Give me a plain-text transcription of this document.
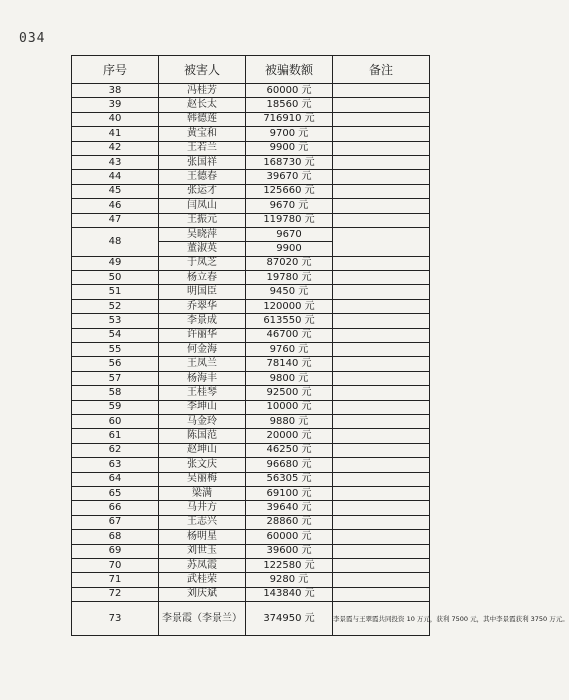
034
序号	被害人	被骗数额	备注
38	冯桂芳	60000 元	
39	赵长太	18560 元	
40	韩德莲	716910 元	
41	黄宝和	9700 元	
42	王若兰	9900 元	
43	张国祥	168730 元	
44	王德春	39670 元	
45	张运才	125660 元	
46	闫凤山	9670 元	
47	王振元	119780 元	
48	吴晓萍	9670	
	董淑英	9900	
49	于凤芝	87020 元	
50	杨立春	19780 元	
51	明国臣	9450 元	
52	乔翠华	120000 元	
53	李景成	613550 元	
54	许丽华	46700 元	
55	何金海	9760 元	
56	王凤兰	78140 元	
57	杨海丰	9800 元	
58	王桂琴	92500 元	
59	李坤山	10000 元	
60	马金玲	9880 元	
61	陈国范	20000 元	
62	赵坤山	46250 元	
63	张文庆	96680 元	
64	吴丽梅	56305 元	
65	梁满	69100 元	
66	马井方	39640 元	
67	王志兴	28860 元	
68	杨明星	60000 元	
69	刘世玉	39600 元	
70	苏凤霞	122580 元	
71	武桂荣	9280 元	
72	刘庆斌	143840 元	
73	李景霞（李景兰）	374950 元	李景霞与王翠霞共同投资 10 万元，获利 7500 元，其中李景霞获利 3750 万元。
